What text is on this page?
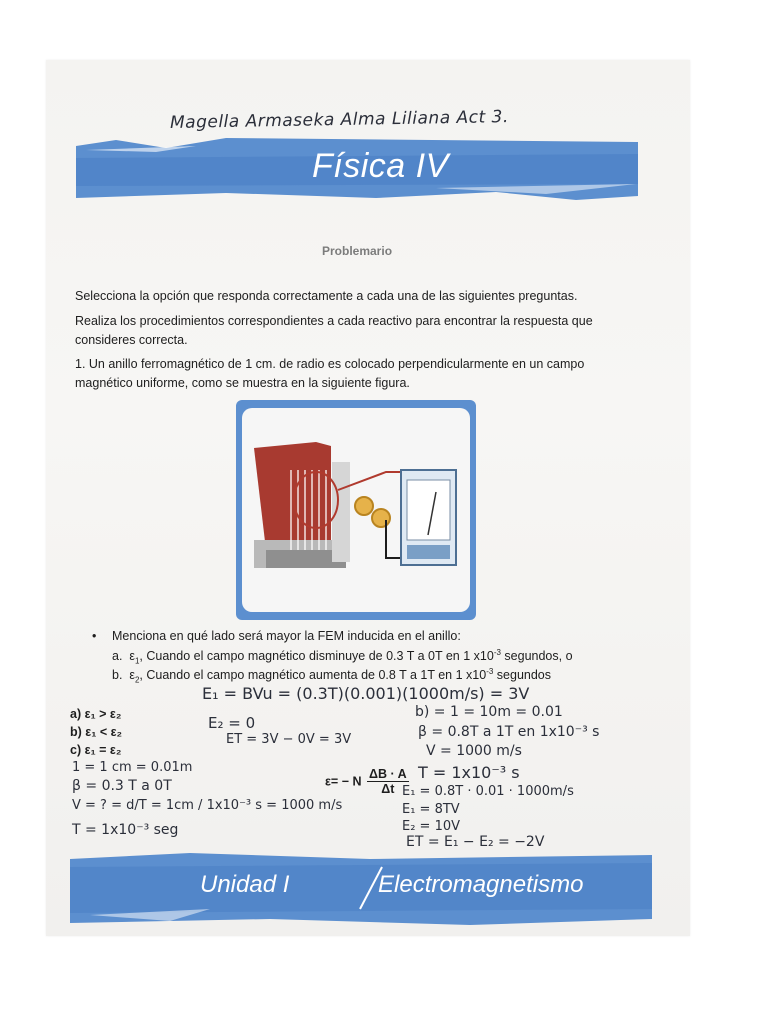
Magella Armaseka Alma Liliana Act 3.
Física IV
Problemario
Selecciona la opción que responda correctamente a cada una de las siguientes preguntas.
Realiza los procedimientos correspondientes a cada reactivo para encontrar la respuesta que consideres correcta.
1. Un anillo ferromagnético de 1 cm. de radio es colocado perpendicularmente en un campo magnético uniforme, como se muestra en la siguiente figura.
• Menciona en qué lado será mayor la FEM inducida en el anillo:
a.  $\varepsilon_1$, Cuando el campo magnético disminuye de 0.3 T a 0T en 1 $x10^{-3}$ segundos, o
b.  $\varepsilon_2$, Cuando el campo magnético aumenta de 0.8 T a 1T en 1 $x10^{-3}$ segundos
a) ε₁ > ε₂
b) ε₁ < ε₂
c) ε₁ = ε₂
ε= − N $\frac{\Delta B \cdot A}{\Delta t}$
E₁ = BVu = (0.3T)(0.001)(1000m/s) = 3V
E₂ = 0
ET = 3V − 0V = 3V
b) = 1 = 10m = 0.01
β = 0.8T a 1T en 1x10⁻³ s
V = 1000 m/s
T = 1x10⁻³ s
E₁ = 0.8T · 0.01 · 1000m/s
E₁ = 8TV
E₂ = 10V
ET = E₁ − E₂ = −2V
1 = 1 cm = 0.01m
β = 0.3 T a 0T
V = ? = d/T = 1cm / 1x10⁻³ s = 1000 m/s
T = 1x10⁻³ seg
Unidad I	Electromagnetismo
